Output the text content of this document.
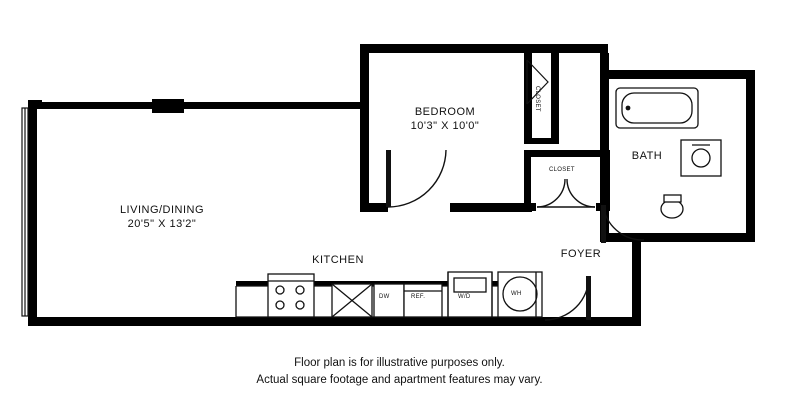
BEDROOM
10'3" X 10'0"
LIVING/DINING
20'5" X 13'2"
BATH
KITCHEN	FOYER
CLOSET
CLOSET
REF.
DW	W/D	WH
Floor plan is for illustrative purposes only.
Actual square footage and apartment features may vary.
